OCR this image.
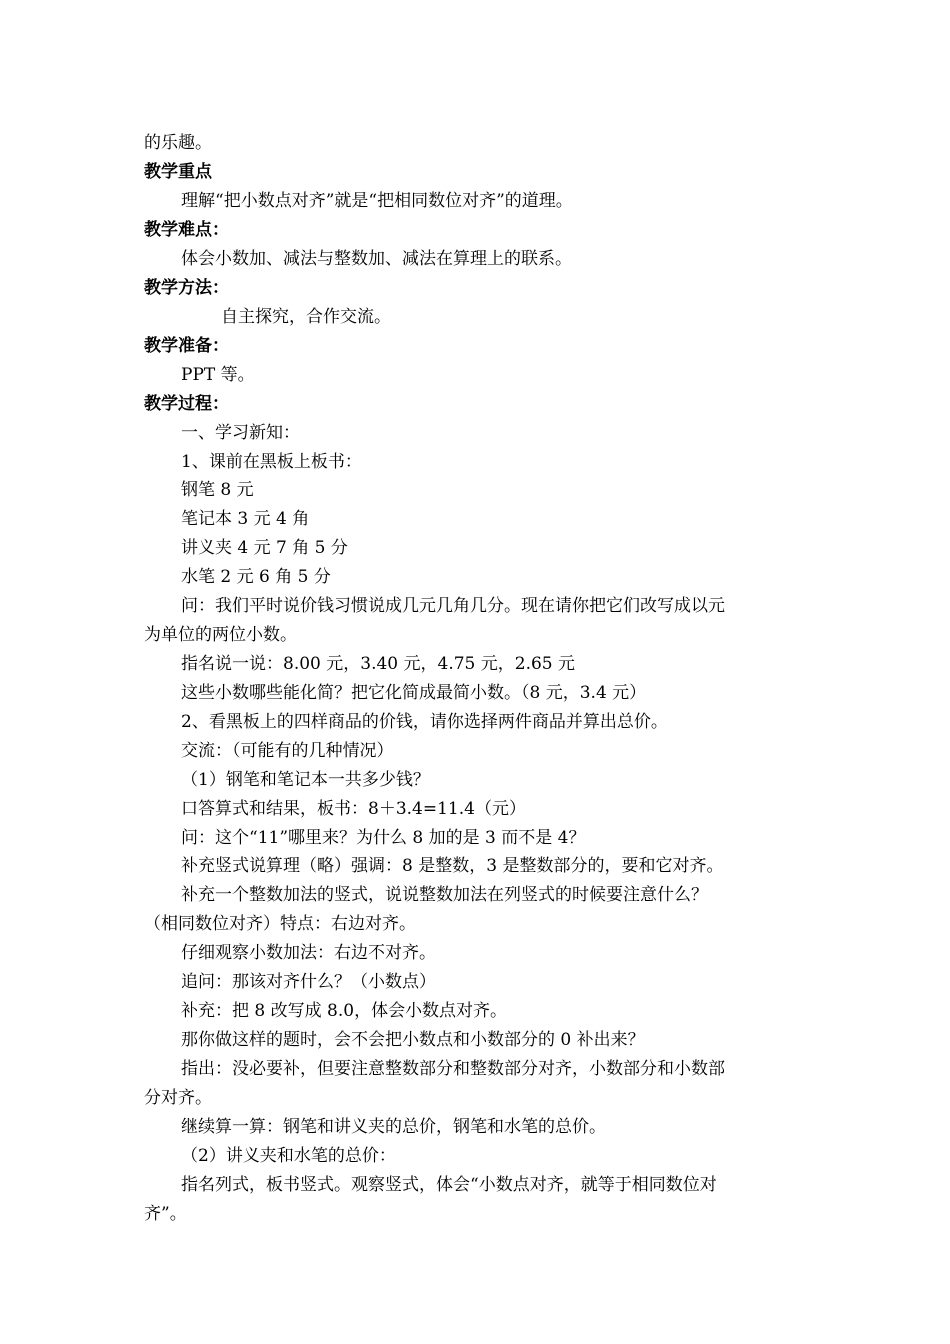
的乐趣。
教学重点
理解“把小数点对齐”就是“把相同数位对齐”的道理。
教学难点：
体会小数加、减法与整数加、减法在算理上的联系。
教学方法：
自主探究，合作交流。
教学准备：
PPT 等。
教学过程：
一、学习新知：
1、课前在黑板上板书：
钢笔 8 元
笔记本 3 元 4 角
讲义夹 4 元 7 角 5 分
水笔 2 元 6 角 5 分
问：我们平时说价钱习惯说成几元几角几分。现在请你把它们改写成以元
为单位的两位小数。
指名说一说：8.00 元，3.40 元，4.75 元，2.65 元
这些小数哪些能化简？把它化简成最简小数。（8 元，3.4 元）
2、看黑板上的四样商品的价钱，请你选择两件商品并算出总价。
交流：（可能有的几种情况）
（1）钢笔和笔记本一共多少钱？
口答算式和结果，板书：8＋3.4=11.4（元）
问：这个“11”哪里来？为什么 8 加的是 3 而不是 4？
补充竖式说算理（略）强调：8 是整数，3 是整数部分的，要和它对齐。
补充一个整数加法的竖式，说说整数加法在列竖式的时候要注意什么？
（相同数位对齐）特点：右边对齐。
仔细观察小数加法：右边不对齐。
追问：那该对齐什么？（小数点）
补充：把 8 改写成 8.0，体会小数点对齐。
那你做这样的题时，会不会把小数点和小数部分的 0 补出来？
指出：没必要补，但要注意整数部分和整数部分对齐，小数部分和小数部
分对齐。
继续算一算：钢笔和讲义夹的总价，钢笔和水笔的总价。
（2）讲义夹和水笔的总价：
指名列式，板书竖式。观察竖式，体会“小数点对齐，就等于相同数位对
齐”。
